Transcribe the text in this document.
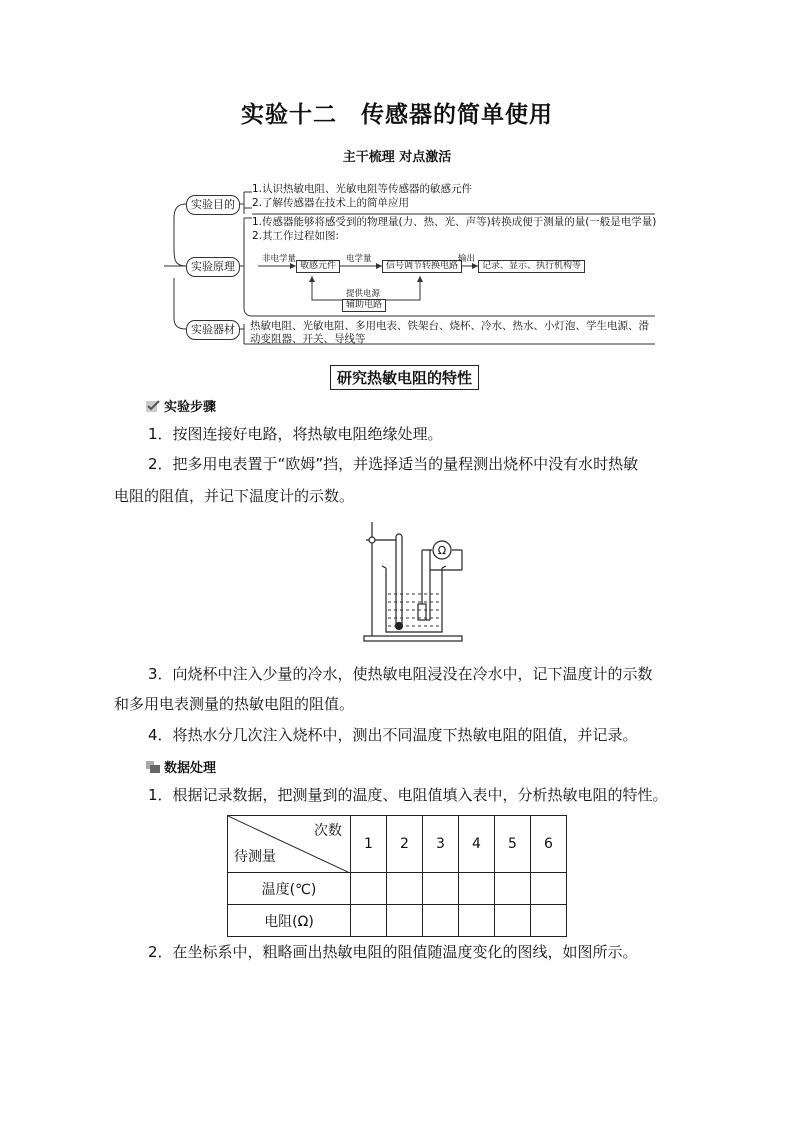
实验十二　传感器的简单使用
主干梳理 对点激活
实验目的
1.认识热敏电阻、光敏电阻等传感器的敏感元件
2.了解传感器在技术上的简单应用
实验原理
1.传感器能够将感受到的物理量(力、热、光、声等)转换成便于测量的量(一般是电学量)
2.其工作过程如图:
非电学量
敏感元件
电学量
信号调节转换电路
输出
记录、显示、执行机构等
提供电源
辅助电路
实验器材	热敏电阻、光敏电阻、多用电表、铁架台、烧杯、冷水、热水、小灯泡、学生电源、滑
动变阻器、开关、导线等
研究热敏电阻的特性
实验步骤
1．按图连接好电路，将热敏电阻绝缘处理。
2．把多用电表置于“欧姆”挡，并选择适当的量程测出烧杯中没有水时热敏
电阻的阻值，并记下温度计的示数。
Ω
3．向烧杯中注入少量的冷水，使热敏电阻浸没在冷水中，记下温度计的示数
和多用电表测量的热敏电阻的阻值。
4．将热水分几次注入烧杯中，测出不同温度下热敏电阻的阻值，并记录。
数据处理
1．根据记录数据，把测量到的温度、电阻值填入表中，分析热敏电阻的特性。
次数
待测量	1	2	3	4	5	6
温度(℃)						
电阻(Ω)						
2．在坐标系中，粗略画出热敏电阻的阻值随温度变化的图线，如图所示。
